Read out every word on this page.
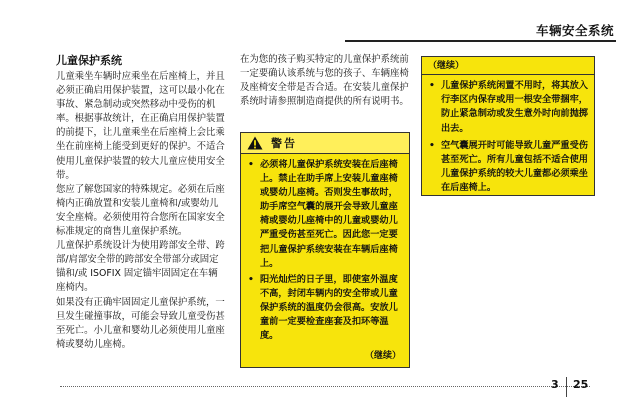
车辆安全系统
儿童保护系统

儿童乘坐车辆时应乘坐在后座椅上，并且必须正确启用保护装置，这可以最小化在事故、紧急制动或突然移动中受伤的机率。根据事故统计，在正确启用保护装置的前提下，让儿童乘坐在后座椅上会比乘坐在前座椅上能受到更好的保护。不适合使用儿童保护装置的较大儿童应使用安全带。

您应了解您国家的特殊规定。必须在后座椅内正确放置和安装儿童椅和/或婴幼儿安全座椅。必须使用符合您所在国家安全标准规定的商售儿童保护系统。

儿童保护系统设计为使用跨部安全带、跨部/肩部安全带的跨部安全带部分或固定锚和/或 ISOFIX 固定锚牢固固定在车辆座椅内。

如果没有正确牢固固定儿童保护系统，一旦发生碰撞事故，可能会导致儿童受伤甚至死亡。小儿童和婴幼儿必须使用儿童座椅或婴幼儿座椅。

在为您的孩子购买特定的儿童保护系统前一定要确认该系统与您的孩子、车辆座椅及座椅安全带是否合适。在安装儿童保护系统时请参照制造商提供的所有说明书。

警告
• 必须将儿童保护系统安装在后座椅上。禁止在助手席上安装儿童座椅或婴幼儿座椅。否则发生事故时，助手席空气囊的展开会导致儿童座椅或婴幼儿座椅中的儿童或婴幼儿严重受伤甚至死亡。因此您一定要把儿童保护系统安装在车辆后座椅上。
• 阳光灿烂的日子里，即使室外温度不高，封闭车辆内的安全带或儿童保护系统的温度仍会很高。安放儿童前一定要检查座套及扣环等温度。
（继续）
（继续）
• 儿童保护系统闲置不用时，将其放入行李区内保存或用一根安全带捆牢，防止紧急制动或发生意外时向前抛掷出去。
• 空气囊展开时可能导致儿童严重受伤甚至死亡。所有儿童包括不适合使用儿童保护系统的较大儿童都必须乘坐在后座椅上。
3 25
